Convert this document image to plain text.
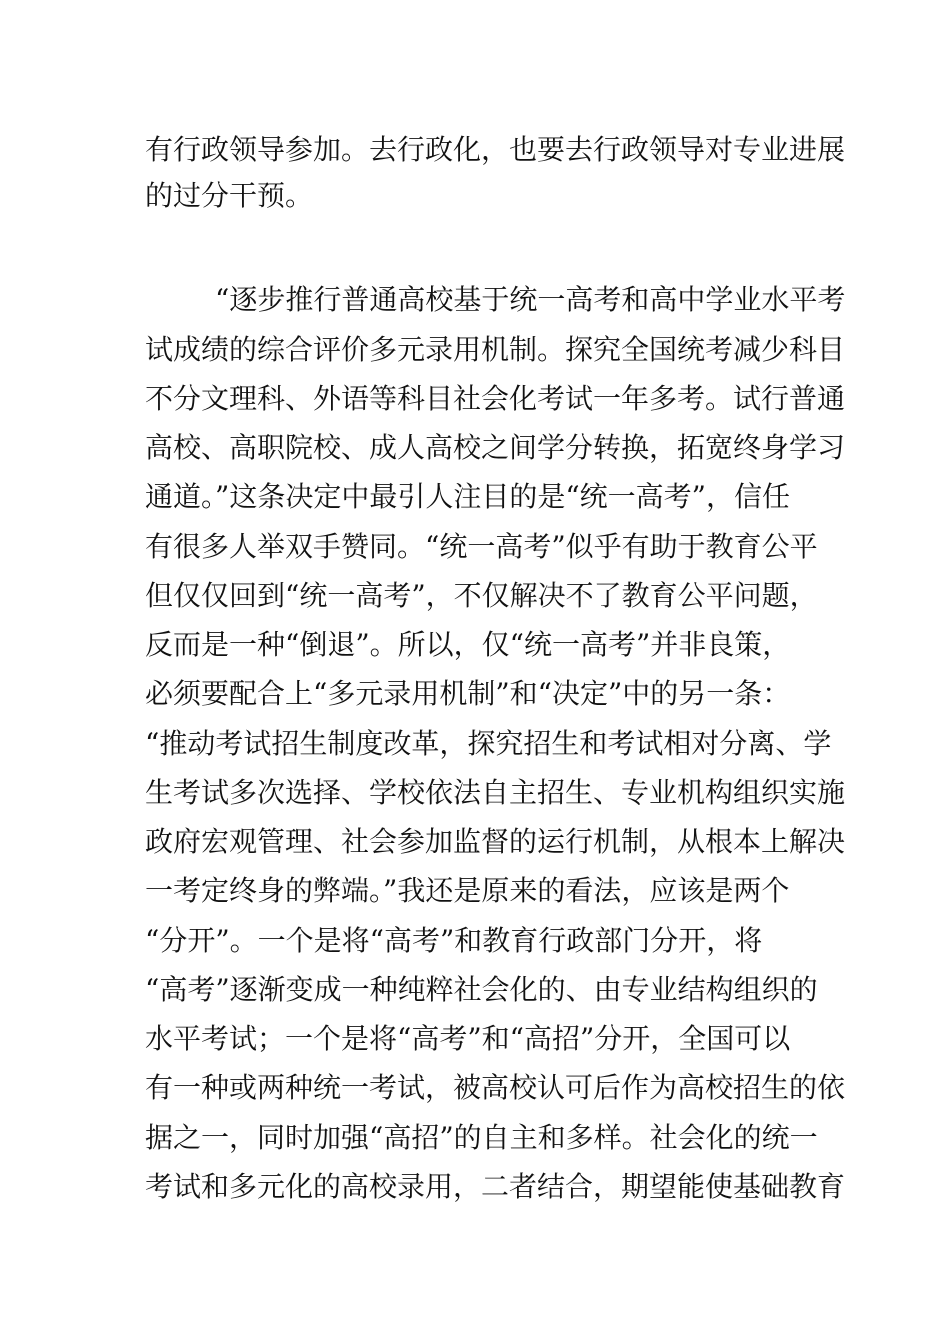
有行政领导参加。去行政化，也要去行政领导对专业进展
的过分干预。
“逐步推行普通高校基于统一高考和高中学业水平考
试成绩的综合评价多元录用机制。探究全国统考减少科目
不分文理科、外语等科目社会化考试一年多考。试行普通
高校、高职院校、成人高校之间学分转换，拓宽终身学习
通道。”这条决定中最引人注目的是“统一高考”，信任
有很多人举双手赞同。“统一高考”似乎有助于教育公平
但仅仅回到“统一高考”，不仅解决不了教育公平问题，
反而是一种“倒退”。所以，仅“统一高考”并非良策，
必须要配合上“多元录用机制”和“决定”中的另一条：
“推动考试招生制度改革，探究招生和考试相对分离、学
生考试多次选择、学校依法自主招生、专业机构组织实施
政府宏观管理、社会参加监督的运行机制，从根本上解决
一考定终身的弊端。”我还是原来的看法，应该是两个
“分开”。一个是将“高考”和教育行政部门分开，将
“高考”逐渐变成一种纯粹社会化的、由专业结构组织的
水平考试；一个是将“高考”和“高招”分开，全国可以
有一种或两种统一考试，被高校认可后作为高校招生的依
据之一，同时加强“高招”的自主和多样。社会化的统一
考试和多元化的高校录用，二者结合，期望能使基础教育
